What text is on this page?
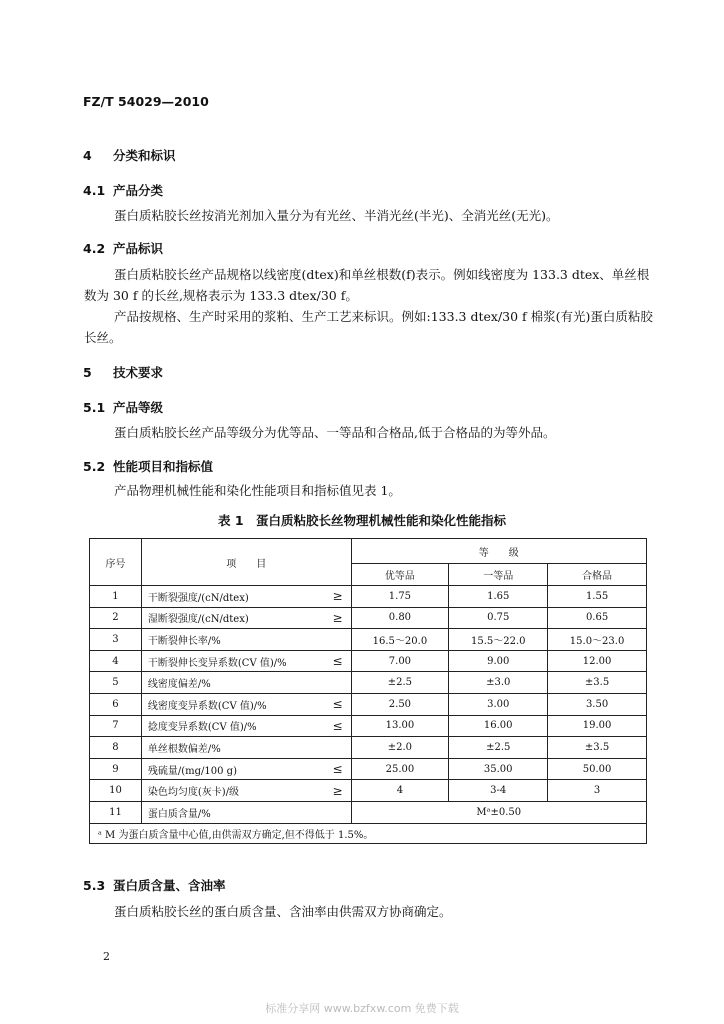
FZ/T 54029—2010
4 分类和标识
4.1 产品分类
蛋白质粘胶长丝按消光剂加入量分为有光丝、半消光丝(半光)、全消光丝(无光)。
4.2 产品标识
蛋白质粘胶长丝产品规格以线密度(dtex)和单丝根数(f)表示。例如线密度为 133.3 dtex、单丝根
数为 30 f 的长丝,规格表示为 133.3 dtex/30 f。
产品按规格、生产时采用的浆粕、生产工艺来标识。例如:133.3 dtex/30 f 棉浆(有光)蛋白质粘胶
长丝。
5 技术要求
5.1 产品等级
蛋白质粘胶长丝产品等级分为优等品、一等品和合格品,低于合格品的为等外品。
5.2 性能项目和指标值
产品物理机械性能和染化性能项目和指标值见表 1。
表 1　蛋白质粘胶长丝物理机械性能和染化性能指标
序号	项　　目	等　　级		
		优等品	一等品	合格品
1	干断裂强度/(cN/dtex) ≥	1.75	1.65	1.55
2	湿断裂强度/(cN/dtex) ≥	0.80	0.75	0.65
3	干断裂伸长率/%	16.5～20.0	15.5～22.0	15.0～23.0
4	干断裂伸长变异系数(CV 值)/% ≤	7.00	9.00	12.00
5	线密度偏差/%	±2.5	±3.0	±3.5
6	线密度变异系数(CV 值)/% ≤	2.50	3.00	3.50
7	捻度变异系数(CV 值)/% ≤	13.00	16.00	19.00
8	单丝根数偏差/%	±2.0	±2.5	±3.5
9	残硫量/(mg/100 g) ≤	25.00	35.00	50.00
10	染色均匀度(灰卡)/级 ≥	4	3-4	3
11	蛋白质含量/%	Mᵃ±0.50		
ᵃ M 为蛋白质含量中心值,由供需双方确定,但不得低于 1.5%。				
5.3 蛋白质含量、含油率
蛋白质粘胶长丝的蛋白质含量、含油率由供需双方协商确定。
2
标准分享网 www.bzfxw.com 免费下载
